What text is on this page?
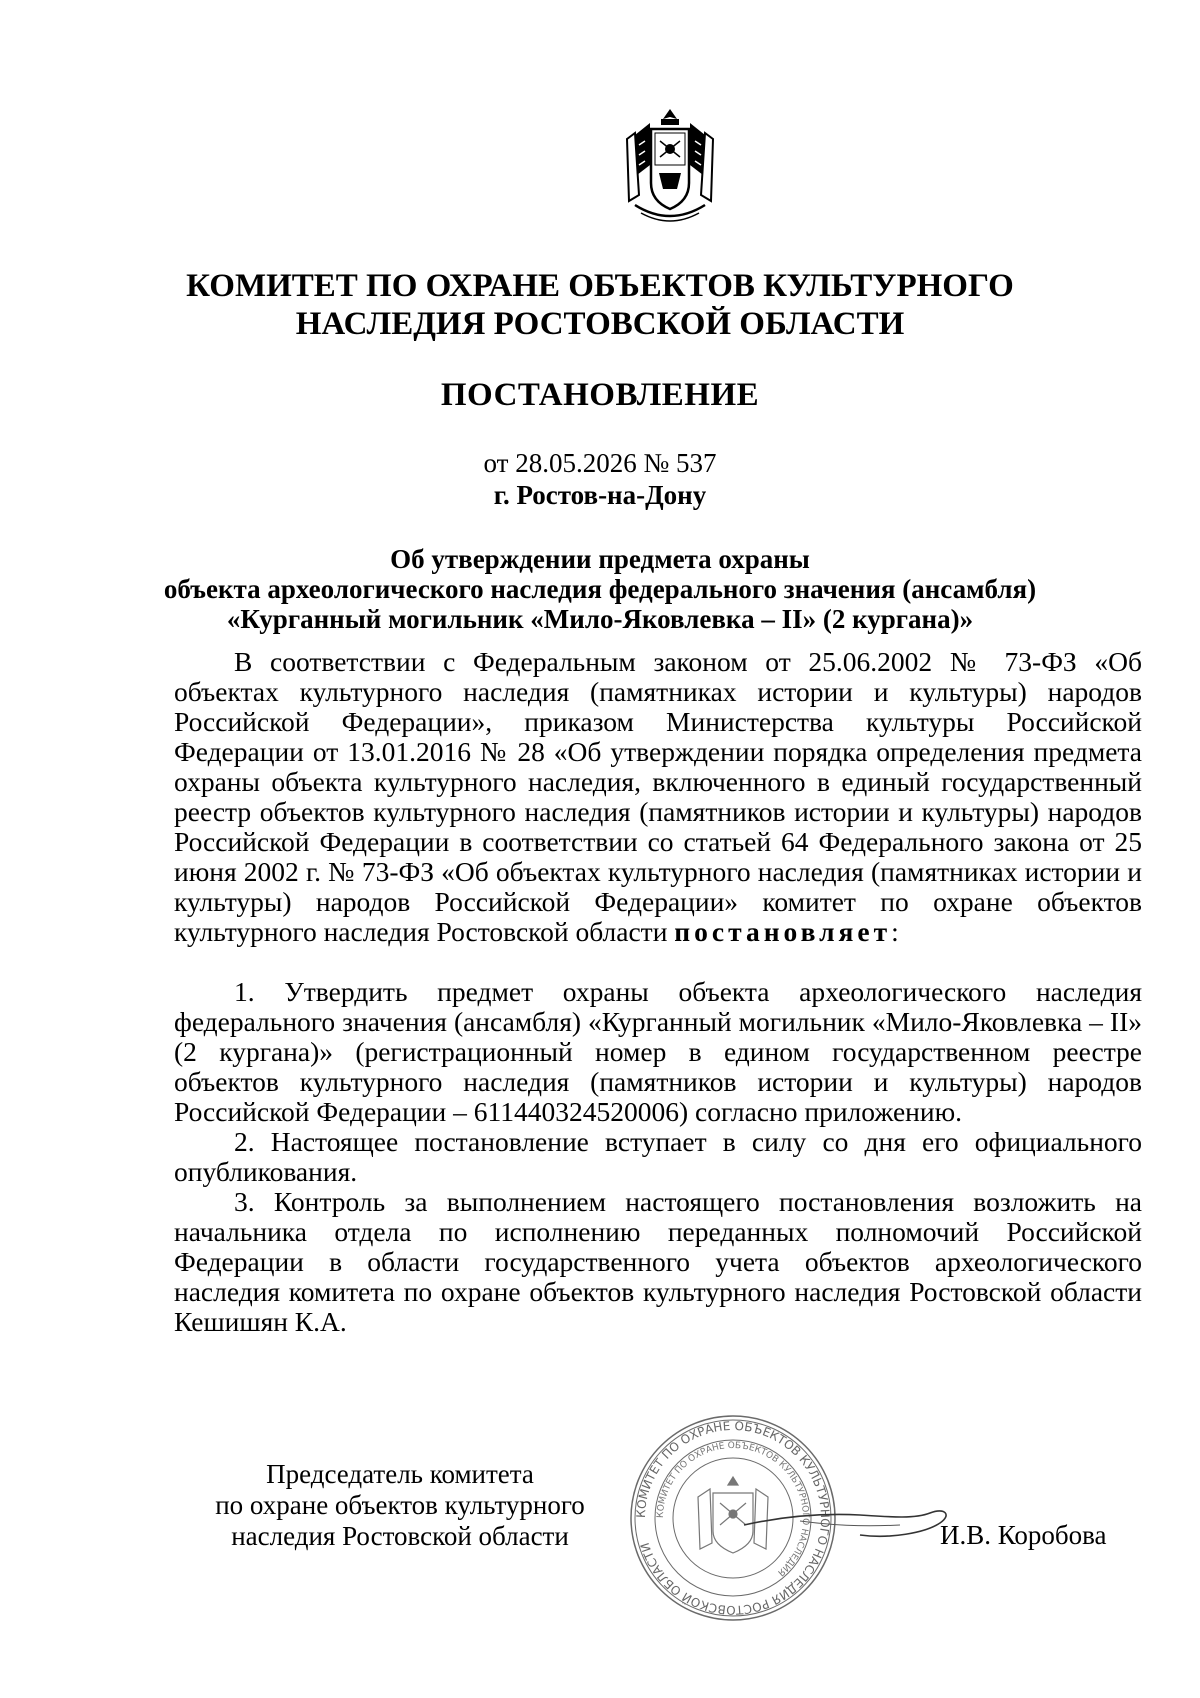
КОМИТЕТ ПО ОХРАНЕ ОБЪЕКТОВ КУЛЬТУРНОГО
НАСЛЕДИЯ РОСТОВСКОЙ ОБЛАСТИ
ПОСТАНОВЛЕНИЕ
от 28.05.2026 № 537
г. Ростов-на-Дону
Об утверждении предмета охраны
объекта археологического наследия федерального значения (ансамбля)
«Курганный могильник «Мило-Яковлевка – II» (2 кургана)»

В соответствии с Федеральным законом от 25.06.2002 № 73-ФЗ «Об объектах культурного наследия (памятниках истории и культуры) народов Российской Федерации», приказом Министерства культуры Российской Федерации от 13.01.2016 № 28 «Об утверждении порядка определения предмета охраны объекта культурного наследия, включенного в единый государственный реестр объектов культурного наследия (памятников истории и культуры) народов Российской Федерации в соответствии со статьей 64 Федерального закона от 25 июня 2002 г. № 73-ФЗ «Об объектах культурного наследия (памятниках истории и культуры) народов Российской Федерации» комитет по охране объектов культурного наследия Ростовской области постановляет:

1. Утвердить предмет охраны объекта археологического наследия федерального значения (ансамбля) «Курганный могильник «Мило-Яковлевка – II» (2 кургана)» (регистрационный номер в едином государственном реестре объектов культурного наследия (памятников истории и культуры) народов Российской Федерации – 611440324520006) согласно приложению.

2. Настоящее постановление вступает в силу со дня его официального опубликования.

3. Контроль за выполнением настоящего постановления возложить на начальника отдела по исполнению переданных полномочий Российской Федерации в области государственного учета объектов археологического наследия комитета по охране объектов культурного наследия Ростовской области Кешишян К.А.

Председатель комитета
по охране объектов культурного
наследия Ростовской области
КОМИТЕТ ПО ОХРАНЕ ОБЪЕКТОВ КУЛЬТУРНОГО НАСЛЕДИЯ РОСТОВСКОЙ ОБЛАСТИ
КОМИТЕТ ПО ОХРАНЕ ОБЪЕКТОВ КУЛЬТУРНОГО НАСЛЕДИЯ
И.В. Коробова
